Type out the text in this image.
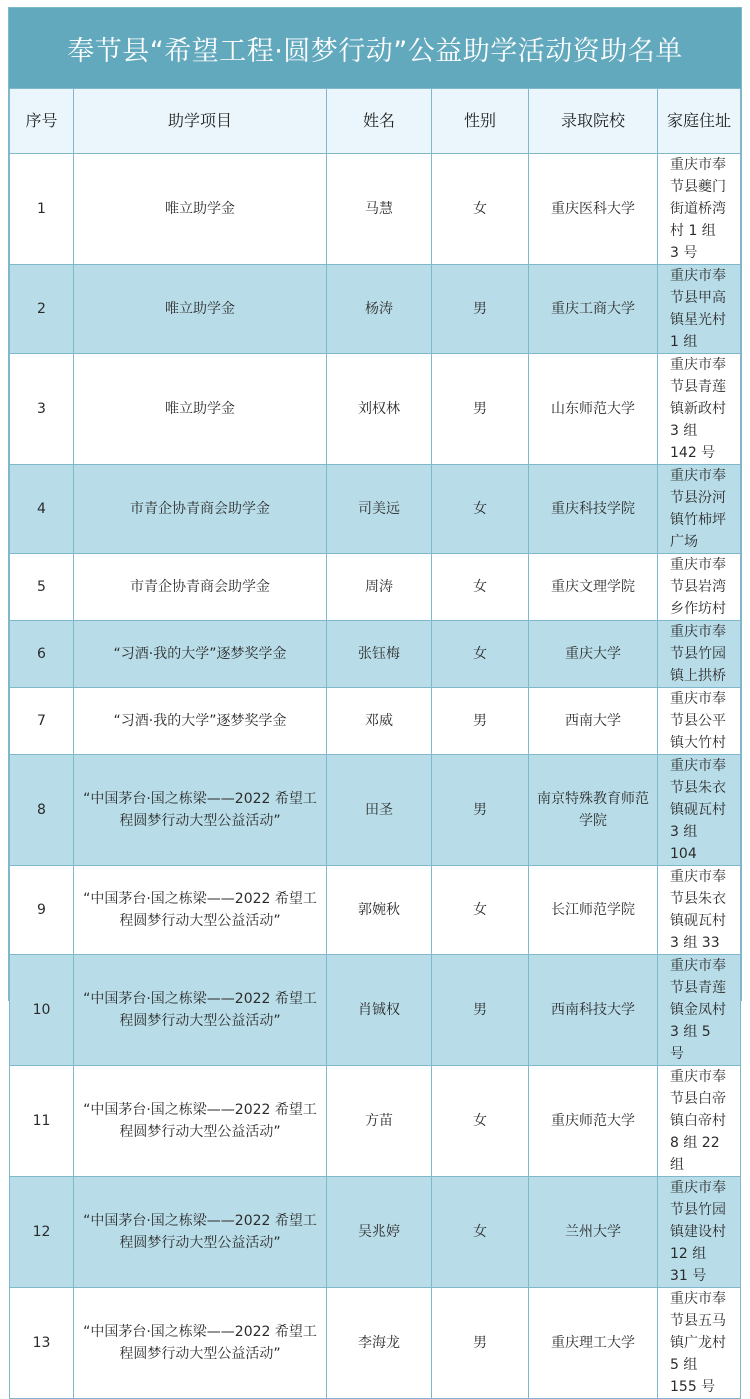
奉节县“希望工程·圆梦行动”公益助学活动资助名单
序号	助学项目	姓名	性别	录取院校	家庭住址
1	唯立助学金	马慧	女	重庆医科大学	重庆市奉节县夔门街道桥湾村 1 组 3 号
2	唯立助学金	杨涛	男	重庆工商大学	重庆市奉节县甲高镇星光村 1 组
3	唯立助学金	刘权林	男	山东师范大学	重庆市奉节县青莲镇新政村 3 组 142 号
4	市青企协青商会助学金	司美远	女	重庆科技学院	重庆市奉节县汾河镇竹柿坪广场
5	市青企协青商会助学金	周涛	女	重庆文理学院	重庆市奉节县岩湾乡作坊村
6	“习酒·我的大学”逐梦奖学金	张钰梅	女	重庆大学	重庆市奉节县竹园镇上拱桥
7	“习酒·我的大学”逐梦奖学金	邓威	男	西南大学	重庆市奉节县公平镇大竹村
8	“中国茅台·国之栋梁——2022 希望工程圆梦行动大型公益活动”	田圣	男	南京特殊教育师范学院	重庆市奉节县朱衣镇砚瓦村 3 组 104
9	“中国茅台·国之栋梁——2022 希望工程圆梦行动大型公益活动”	郭婉秋	女	长江师范学院	重庆市奉节县朱衣镇砚瓦村 3 组 33
10	“中国茅台·国之栋梁——2022 希望工程圆梦行动大型公益活动”	肖铖权	男	西南科技大学	重庆市奉节县青莲镇金凤村 3 组 5 号
11	“中国茅台·国之栋梁——2022 希望工程圆梦行动大型公益活动”	方苗	女	重庆师范大学	重庆市奉节县白帝镇白帝村 8 组 22 组
12	“中国茅台·国之栋梁——2022 希望工程圆梦行动大型公益活动”	吴兆婷	女	兰州大学	重庆市奉节县竹园镇建设村 12 组 31 号
13	“中国茅台·国之栋梁——2022 希望工程圆梦行动大型公益活动”	李海龙	男	重庆理工大学	重庆市奉节县五马镇广龙村 5 组 155 号
